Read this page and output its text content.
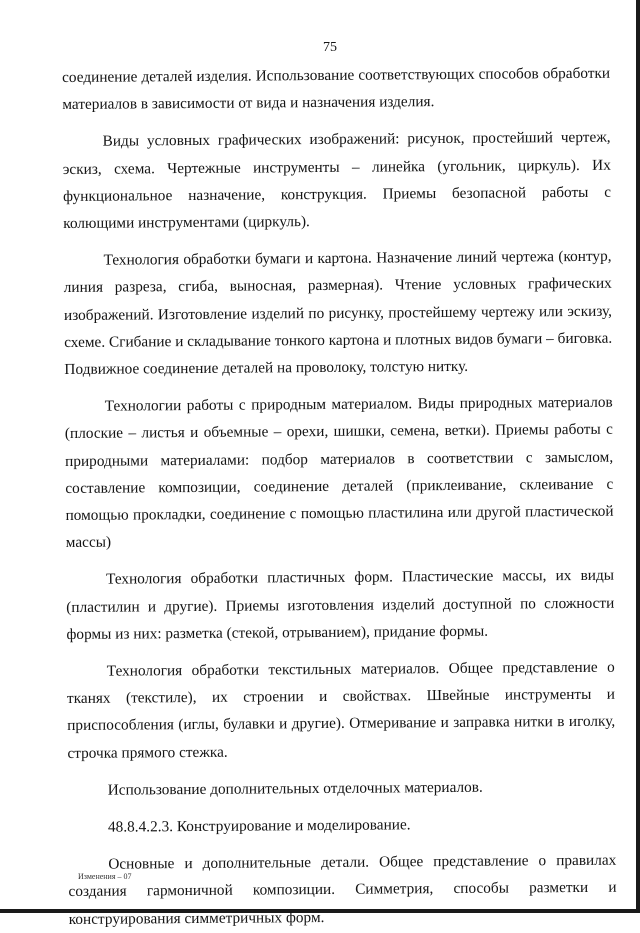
75

соединение деталей изделия. Использование соответствующих способов обработки материалов в зависимости от вида и назначения изделия.

Виды условных графических изображений: рисунок, простейший чертеж, эскиз, схема. Чертежные инструменты – линейка (угольник, циркуль). Их функциональное назначение, конструкция. Приемы безопасной работы с колющими инструментами (циркуль).

Технология обработки бумаги и картона. Назначение линий чертежа (контур, линия разреза, сгиба, выносная, размерная). Чтение условных графических изображений. Изготовление изделий по рисунку, простейшему чертежу или эскизу, схеме. Сгибание и складывание тонкого картона и плотных видов бумаги – биговка. Подвижное соединение деталей на проволоку, толстую нитку.

Технологии работы с природным материалом. Виды природных материалов (плоские – листья и объемные – орехи, шишки, семена, ветки). Приемы работы с природными материалами: подбор материалов в соответствии с замыслом, составление композиции, соединение деталей (приклеивание, склеивание с помощью прокладки, соединение с помощью пластилина или другой пластической массы)

Технология обработки пластичных форм. Пластические массы, их виды (пластилин и другие). Приемы изготовления изделий доступной по сложности формы из них: разметка (стекой, отрыванием), придание формы.

Технология обработки текстильных материалов. Общее представление о тканях (текстиле), их строении и свойствах. Швейные инструменты и приспособления (иглы, булавки и другие). Отмеривание и заправка нитки в иголку, строчка прямого стежка.

Использование дополнительных отделочных материалов.

48.8.4.2.3. Конструирование и моделирование.

Основные и дополнительные детали. Общее представление о правилах создания гармоничной композиции. Симметрия, способы разметки и конструирования симметричных форм.

Изменения – 07
